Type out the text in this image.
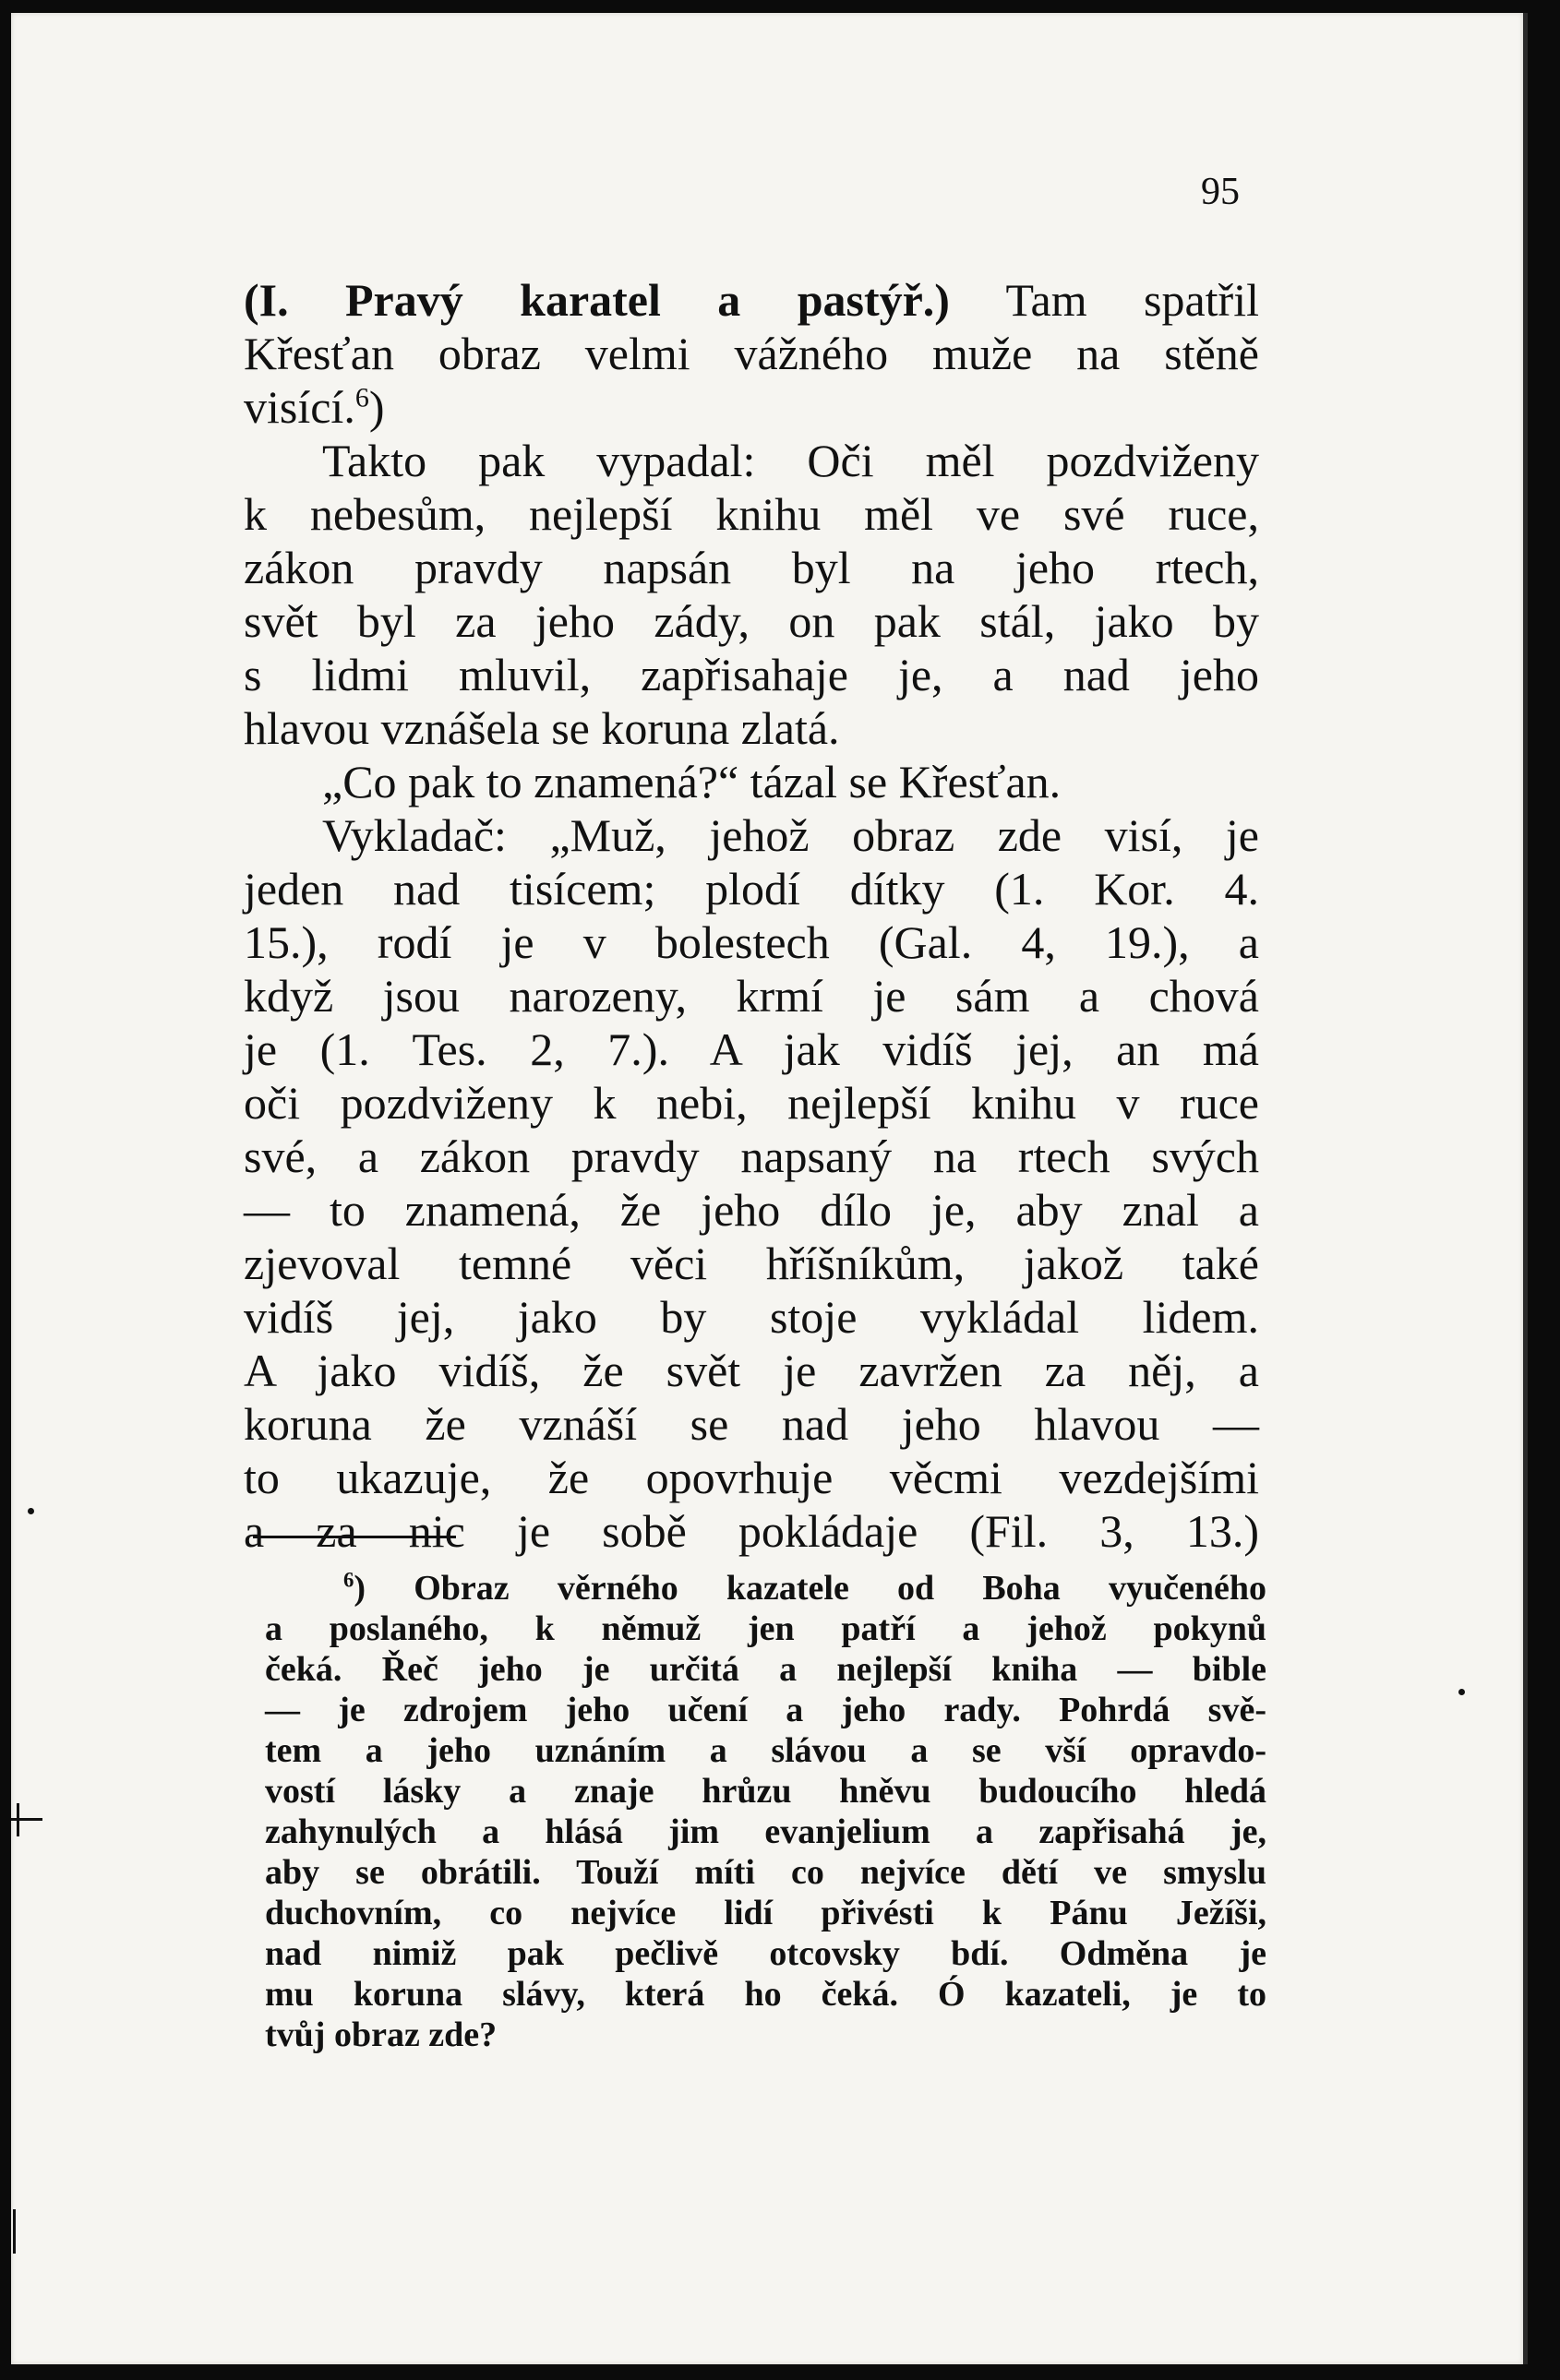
95
(I. Pravý karatel a pastýř.) Tam spatřil
Křesťan obraz velmi vážného muže na stěně
visící.$^6$)
Takto pak vypadal: Oči měl pozdviženy
k nebesům, nejlepší knihu měl ve své ruce,
zákon pravdy napsán byl na jeho rtech,
svět byl za jeho zády, on pak stál, jako by
s lidmi mluvil, zapřisahaje je, a nad jeho
hlavou vznášela se koruna zlatá.
„Co pak to znamená?“ tázal se Křesťan.
Vykladač: „Muž, jehož obraz zde visí, je
jeden nad tisícem; plodí dítky (1. Kor. 4.
15.), rodí je v bolestech (Gal. 4, 19.), a
když jsou narozeny, krmí je sám a chová
je (1. Tes. 2, 7.). A jak vidíš jej, an má
oči pozdviženy k nebi, nejlepší knihu v ruce
své, a zákon pravdy napsaný na rtech svých
— to znamená, že jeho dílo je, aby znal a
zjevoval temné věci hříšníkům, jakož také
vidíš jej, jako by stoje vykládal lidem.
A jako vidíš, že svět je zavržen za něj, a
koruna že vznáší se nad jeho hlavou —
to ukazuje, že opovrhuje věcmi vezdejšími
a za nic je sobě pokládaje (Fil. 3, 13.)
$^6$) Obraz věrného kazatele od Boha vyučeného
a poslaného, k němuž jen patří a jehož pokynů
čeká. Řeč jeho je určitá a nejlepší kniha — bible
— je zdrojem jeho učení a jeho rady. Pohrdá svě-
tem a jeho uznáním a slávou a se vší opravdo-
vostí lásky a znaje hrůzu hněvu budoucího hledá
zahynulých a hlásá jim evanjelium a zapřisahá je,
aby se obrátili. Touží míti co nejvíce dětí ve smyslu
duchovním, co nejvíce lidí přivésti k Pánu Ježíši,
nad nimiž pak pečlivě otcovsky bdí. Odměna je
mu koruna slávy, která ho čeká. Ó kazateli, je to
tvůj obraz zde?
